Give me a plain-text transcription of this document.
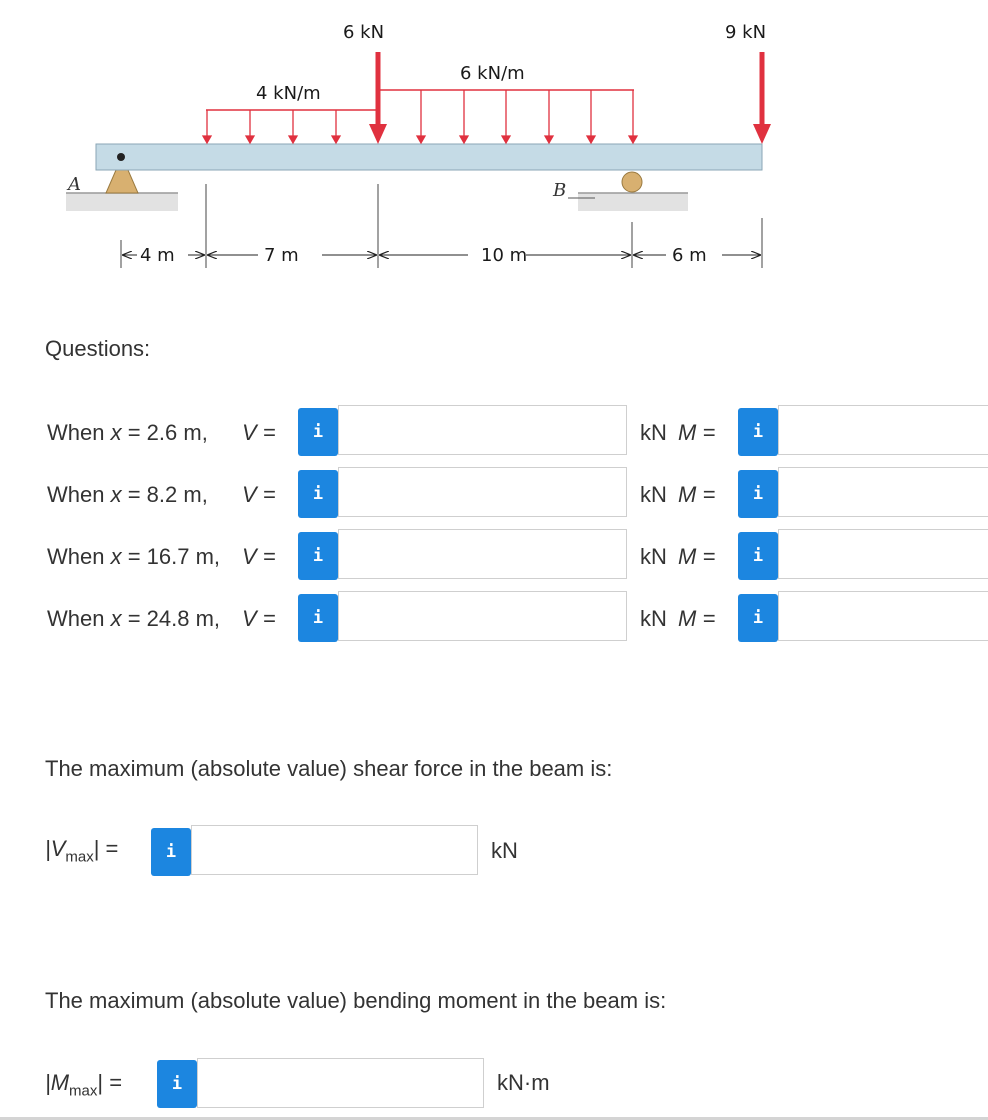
A	B
4 kN/m
6 kN/m
6 kN	9 kN
4 m	7 m	10 m	6 m
Questions:
When x = 2.6 m, V =	i	kN M =	i
When x = 8.2 m, V =	i	kN M =	i
When x = 16.7 m, V =	i	kN M =	i
When x = 24.8 m, V =	i	kN M =	i
The maximum (absolute value) shear force in the beam is:
$|V_{max}|$ =	i	kN
The maximum (absolute value) bending moment in the beam is:
$|M_{max}|$ =	i	kN·m
